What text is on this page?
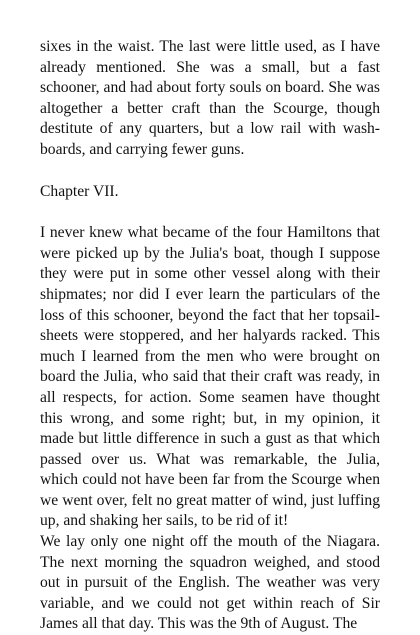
sixes in the waist. The last were little used, as I have already mentioned. She was a small, but a fast schooner, and had about forty souls on board. She was altogether a better craft than the Scourge, though destitute of any quarters, but a low rail with wash-boards, and carrying fewer guns.

Chapter VII.

I never knew what became of the four Hamiltons that were picked up by the Julia's boat, though I suppose they were put in some other vessel along with their shipmates; nor did I ever learn the particulars of the loss of this schooner, beyond the fact that her topsail-sheets were stoppered, and her halyards racked. This much I learned from the men who were brought on board the Julia, who said that their craft was ready, in all respects, for action. Some seamen have thought this wrong, and some right; but, in my opinion, it made but little difference in such a gust as that which passed over us. What was remarkable, the Julia, which could not have been far from the Scourge when we went over, felt no great matter of wind, just luffing up, and shaking her sails, to be rid of it!

We lay only one night off the mouth of the Niagara. The next morning the squadron weighed, and stood out in pursuit of the English. The weather was very variable, and we could not get within reach of Sir James all that day. This was the 9th of August. The
